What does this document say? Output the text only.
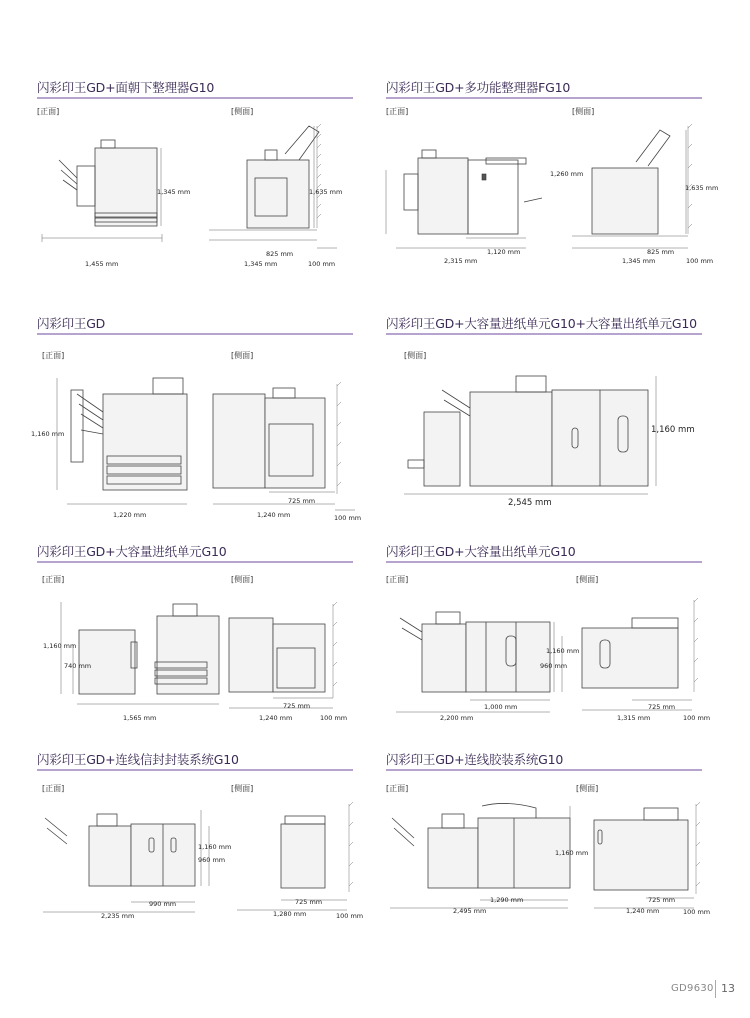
闪彩印王GD+面朝下整理器G10
[正面]	[侧面]
1,345 mm	1,635 mm
825 mm
1,455 mm	1,345 mm	100 mm
闪彩印王GD+多功能整理器FG10
[正面]	[侧面]
1,260 mm
1,635 mm
1,120 mm	825 mm
2,315 mm	1,345 mm	100 mm
闪彩印王GD
[正面]	[侧面]
1,160 mm
725 mm
1,220 mm	1,240 mm	100 mm
闪彩印王GD+大容量进纸单元G10+大容量出纸单元G10
[侧面]
1,160 mm
2,545 mm
闪彩印王GD+大容量进纸单元G10
[正面]	[侧面]
1,160 mm
740 mm
725 mm
1,565 mm	1,240 mm	100 mm
闪彩印王GD+大容量出纸单元G10
[正面]	[侧面]
1,160 mm
960 mm
1,000 mm	725 mm
2,200 mm	1,315 mm	100 mm
闪彩印王GD+连线信封封装系统G10
[正面]	[侧面]
1,160 mm
960 mm
990 mm	725 mm
2,235 mm	1,280 mm	100 mm
闪彩印王GD+连线胶装系统G10
[正面]	[侧面]
1,160 mm
1,290 mm	725 mm
2,495 mm	1,240 mm	100 mm
GD9630 13
